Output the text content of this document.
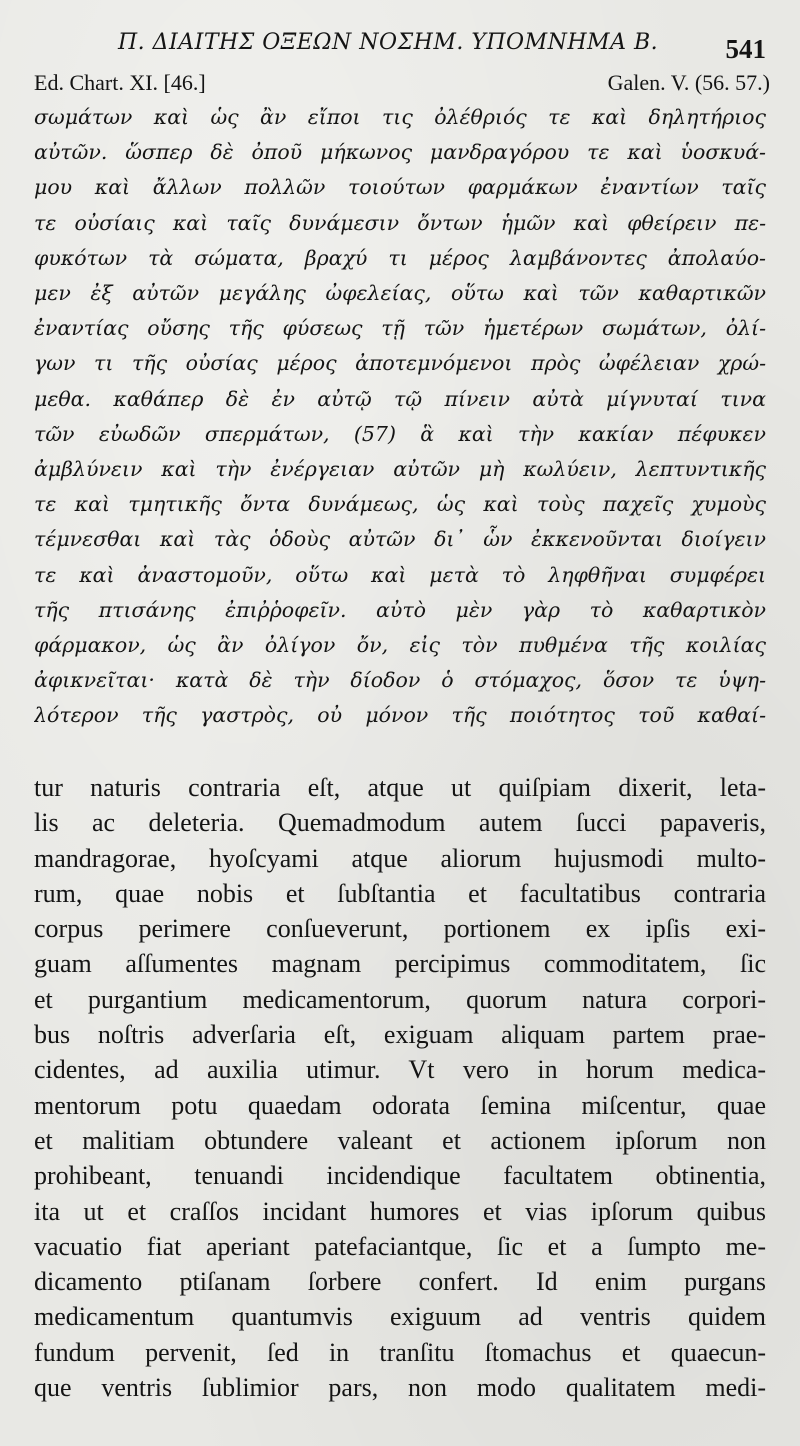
Π. ΔΙΑΙΤΗΣ ΟΞΕΩΝ ΝΟΣΗΜ. ΥΠΟΜΝΗΜΑ Β. 541
Ed. Chart. XI. [46.]	Galen. V. (56. 57.)
σωμάτων καὶ ὡς ἂν εἴποι τις ὀλέθριός τε καὶ δηλητήριος
αὐτῶν. ὥσπερ δὲ ὀποῦ μήκωνος μανδραγόρου τε καὶ ὑοσκυά-
μου καὶ ἄλλων πολλῶν τοιούτων φαρμάκων ἐναντίων ταῖς
τε οὐσίαις καὶ ταῖς δυνάμεσιν ὄντων ἡμῶν καὶ φθείρειν πε-
φυκότων τὰ σώματα, βραχύ τι μέρος λαμβάνοντες ἀπολαύο-
μεν ἐξ αὐτῶν μεγάλης ὠφελείας, οὕτω καὶ τῶν καθαρτικῶν
ἐναντίας οὔσης τῆς φύσεως τῇ τῶν ἡμετέρων σωμάτων, ὀλί-
γων τι τῆς οὐσίας μέρος ἀποτεμνόμενοι πρὸς ὠφέλειαν χρώ-
μεθα. καθάπερ δὲ ἐν αὐτῷ τῷ πίνειν αὐτὰ μίγνυταί τινα
τῶν εὐωδῶν σπερμάτων, (57) ἃ καὶ τὴν κακίαν πέφυκεν
ἀμβλύνειν καὶ τὴν ἐνέργειαν αὐτῶν μὴ κωλύειν, λεπτυντικῆς
τε καὶ τμητικῆς ὄντα δυνάμεως, ὡς καὶ τοὺς παχεῖς χυμοὺς
τέμνεσθαι καὶ τὰς ὁδοὺς αὐτῶν δι᾽ ὧν ἐκκενοῦνται διοίγειν
τε καὶ ἀναστομοῦν, οὕτω καὶ μετὰ τὸ ληφθῆναι συμφέρει
τῆς πτισάνης ἐπιῤῥοφεῖν. αὐτὸ μὲν γὰρ τὸ καθαρτικὸν
φάρμακον, ὡς ἂν ὀλίγον ὄν, εἰς τὸν πυθμένα τῆς κοιλίας
ἀφικνεῖται· κατὰ δὲ τὴν δίοδον ὁ στόμαχος, ὅσον τε ὑψη-
λότερον τῆς γαστρὸς, οὐ μόνον τῆς ποιότητος τοῦ καθαί-
tur naturis contraria eſt, atque ut quiſpiam dixerit, leta-
lis ac deleteria. Quemadmodum autem ſucci papaveris,
mandragorae, hyoſcyami atque aliorum hujusmodi multo-
rum, quae nobis et ſubſtantia et facultatibus contraria
corpus perimere conſueverunt, portionem ex ipſis exi-
guam aſſumentes magnam percipimus commoditatem, ſic
et purgantium medicamentorum, quorum natura corpori-
bus noſtris adverſaria eſt, exiguam aliquam partem prae-
cidentes, ad auxilia utimur. Vt vero in horum medica-
mentorum potu quaedam odorata ſemina miſcentur, quae
et malitiam obtundere valeant et actionem ipſorum non
prohibeant, tenuandi incidendique facultatem obtinentia,
ita ut et craſſos incidant humores et vias ipſorum quibus
vacuatio fiat aperiant patefaciantque, ſic et a ſumpto me-
dicamento ptiſanam ſorbere confert. Id enim purgans
medicamentum quantumvis exiguum ad ventris quidem
fundum pervenit, ſed in tranſitu ſtomachus et quaecun-
que ventris ſublimior pars, non modo qualitatem medi-
